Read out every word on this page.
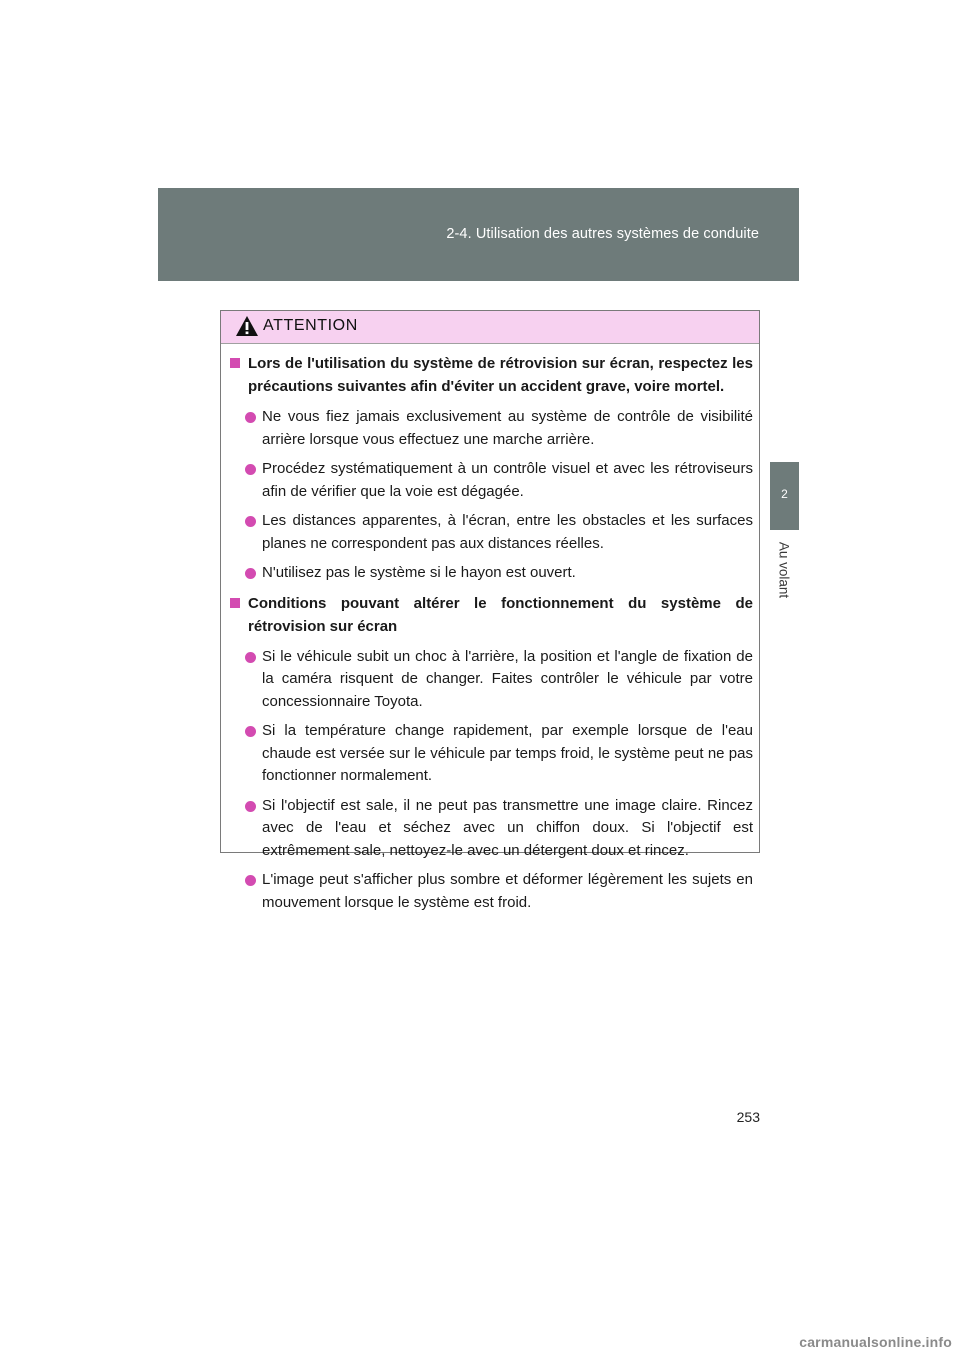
2-4. Utilisation des autres systèmes de conduite
2
Au volant
ATTENTION
Lors de l'utilisation du système de rétrovision sur écran, respectez les précautions suivantes afin d'éviter un accident grave, voire mortel.
Ne vous fiez jamais exclusivement au système de contrôle de visibilité arrière lorsque vous effectuez une marche arrière.
Procédez systématiquement à un contrôle visuel et avec les rétroviseurs afin de vérifier que la voie est dégagée.
Les distances apparentes, à l'écran, entre les obstacles et les surfaces planes ne correspondent pas aux distances réelles.
N'utilisez pas le système si le hayon est ouvert.
Conditions pouvant altérer le fonctionnement du système de rétrovision sur écran
Si le véhicule subit un choc à l'arrière, la position et l'angle de fixation de la caméra risquent de changer. Faites contrôler le véhicule par votre concessionnaire Toyota.
Si la température change rapidement, par exemple lorsque de l'eau chaude est versée sur le véhicule par temps froid, le système peut ne pas fonctionner normalement.
Si l'objectif est sale, il ne peut pas transmettre une image claire. Rincez avec de l'eau et séchez avec un chiffon doux. Si l'objectif est extrêmement sale, nettoyez-le avec un détergent doux et rincez.
L'image peut s'afficher plus sombre et déformer légèrement les sujets en mouvement lorsque le système est froid.
253
carmanualsonline.info
